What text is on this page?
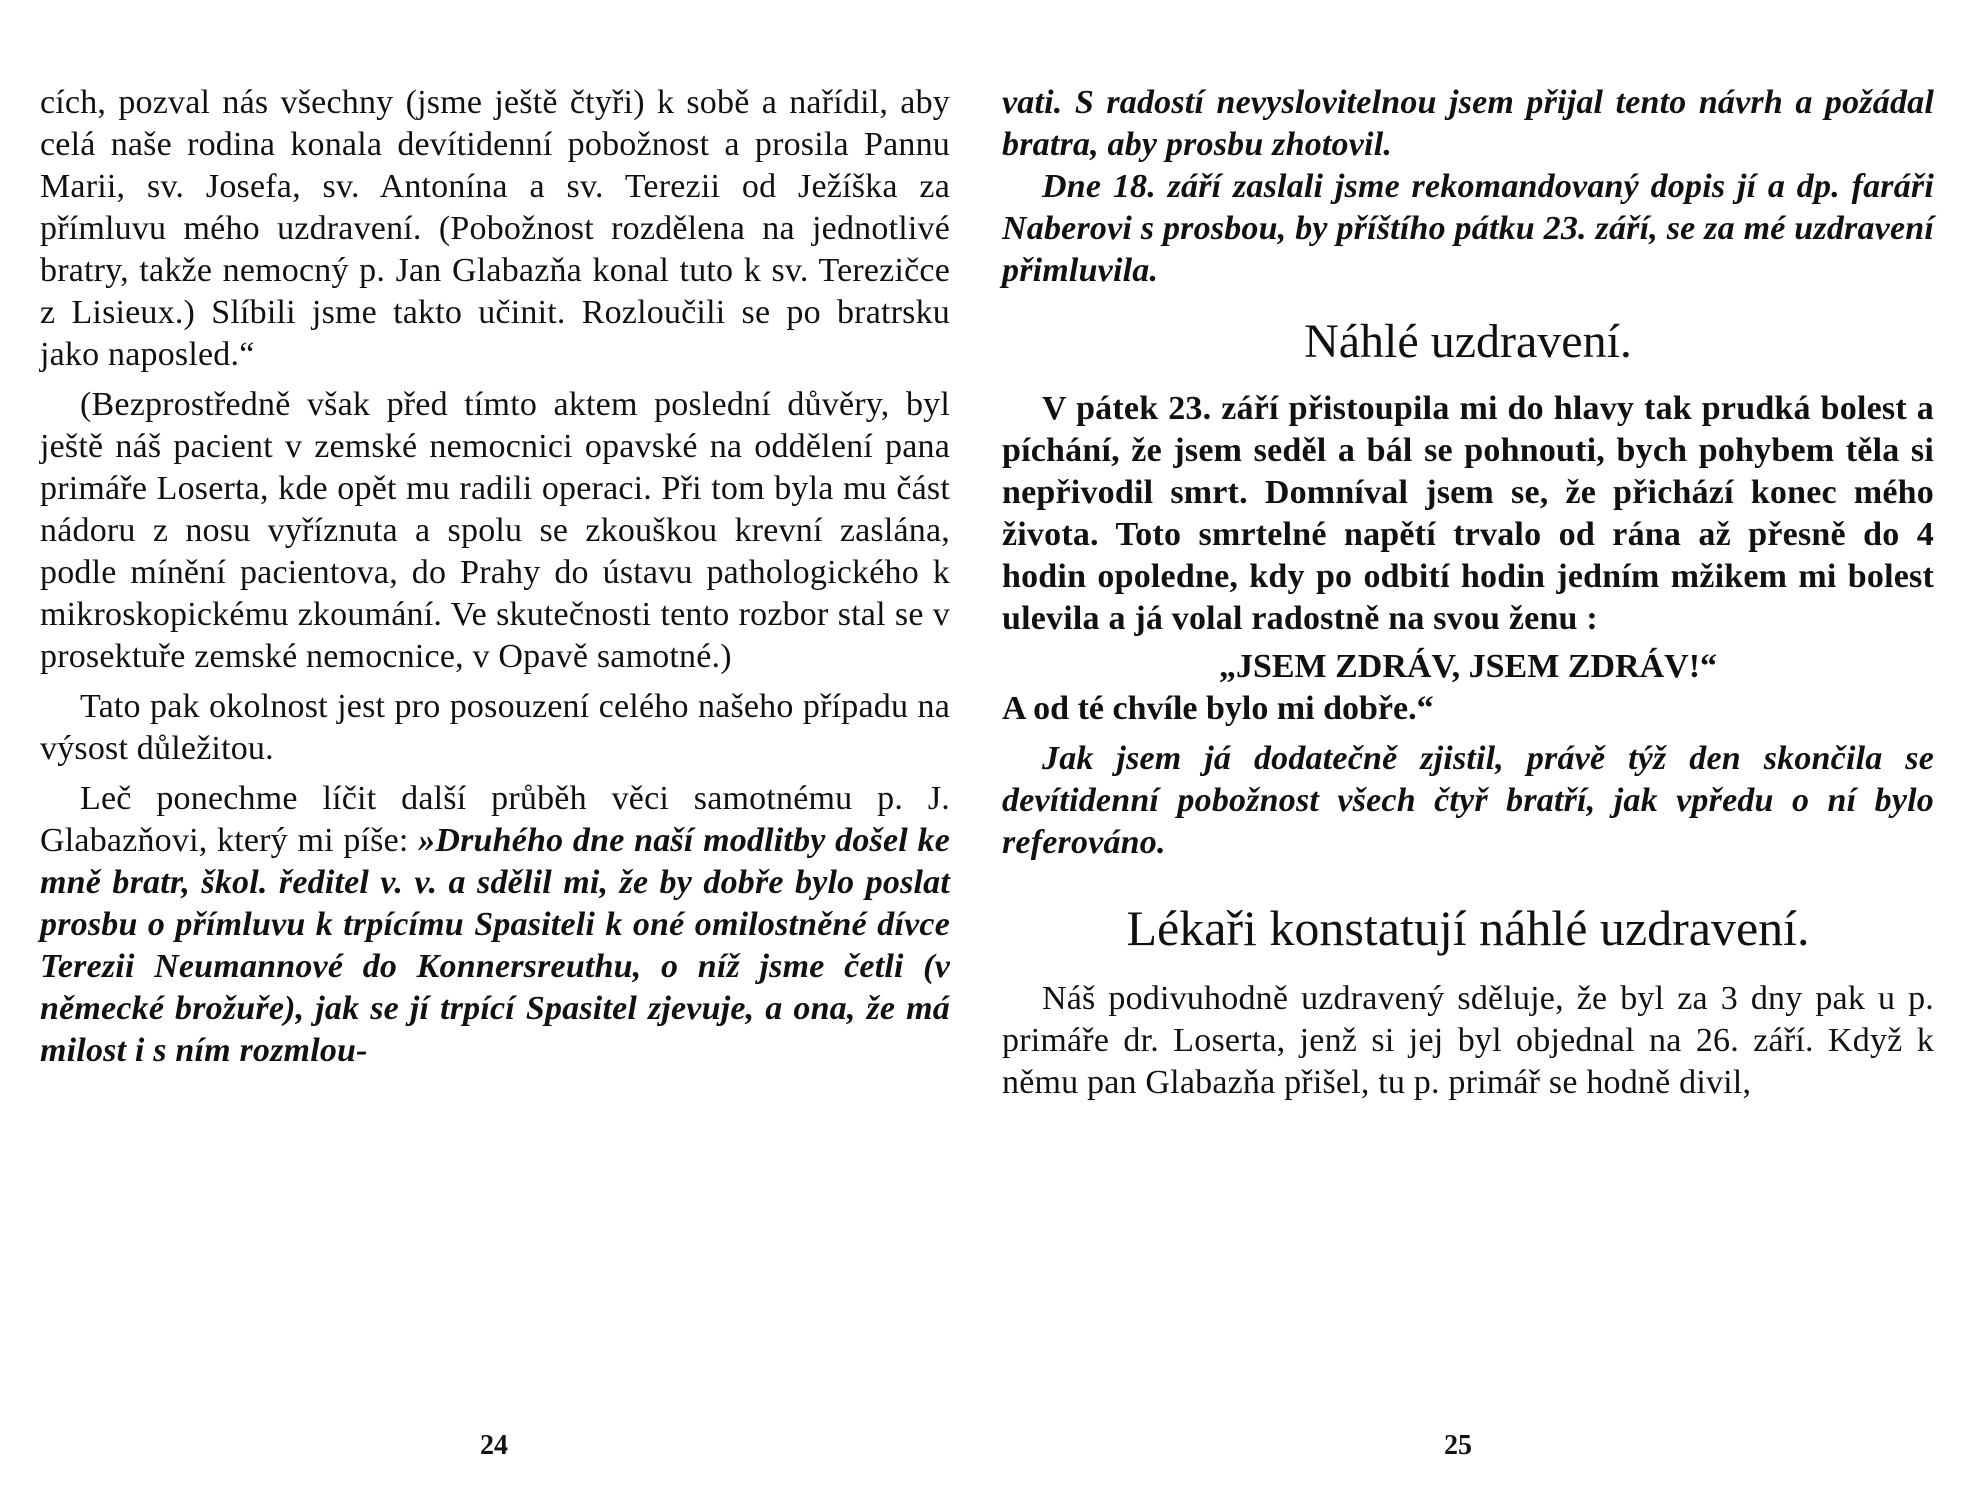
cích, pozval nás všechny (jsme ještě čtyři) k sobě a nařídil, aby celá naše rodina konala devítidenní pobožnost a prosila Pannu Marii, sv. Josefa, sv. Antonína a sv. Terezii od Ježíška za přímluvu mého uzdravení. (Pobožnost rozdělena na jednotlivé bratry, takže nemocný p. Jan Glabazňa konal tuto k sv. Terezičce z Lisieux.) Slíbili jsme takto učinit. Rozloučili se po bratrsku jako naposled.“

(Bezprostředně však před tímto aktem poslední důvěry, byl ještě náš pacient v zemské nemocnici opavské na oddělení pana primáře Loserta, kde opět mu radili operaci. Při tom byla mu část nádoru z nosu vyříznuta a spolu se zkouškou krevní zaslána, podle mínění pacientova, do Prahy do ústavu pathologického k mikroskopickému zkoumání. Ve skutečnosti tento rozbor stal se v prosektuře zemské nemocnice, v Opavě samotné.)

Tato pak okolnost jest pro posouzení celého našeho případu na výsost důležitou.

Leč ponechme líčit další průběh věci samotnému p. J. Glabazňovi, který mi píše: »Druhého dne naší modlitby došel ke mně bratr, škol. ředitel v. v. a sdělil mi, že by dobře bylo poslat prosbu o přímluvu k trpícímu Spasiteli k oné omilostněné dívce Terezii Neumannové do Konnersreuthu, o níž jsme četli (v německé brožuře), jak se jí trpící Spasitel zjevuje, a ona, že má milost i s ním rozmlou-

24

vati. S radostí nevyslovitelnou jsem přijal tento návrh a požádal bratra, aby prosbu zhotovil.

Dne 18. září zaslali jsme rekomandovaný dopis jí a dp. faráři Naberovi s prosbou, by příštího pátku 23. září, se za mé uzdravení přimluvila.

Náhlé uzdravení.

V pátek 23. září přistoupila mi do hlavy tak prudká bolest a píchání, že jsem seděl a bál se pohnouti, bych pohybem těla si nepřivodil smrt. Domníval jsem se, že přichází konec mého života. Toto smrtelné napětí trvalo od rána až přesně do 4 hodin opoledne, kdy po odbití hodin jedním mžikem mi bolest ulevila a já volal radostně na svou ženu :

„JSEM ZDRÁV, JSEM ZDRÁV!“

A od té chvíle bylo mi dobře.“

Jak jsem já dodatečně zjistil, právě týž den skončila se devítidenní pobožnost všech čtyř bratří, jak vpředu o ní bylo referováno.

Lékaři konstatují náhlé uzdravení.

Náš podivuhodně uzdravený sděluje, že byl za 3 dny pak u p. primáře dr. Loserta, jenž si jej byl objednal na 26. září. Když k němu pan Glabazňa přišel, tu p. primář se hodně divil,

25
